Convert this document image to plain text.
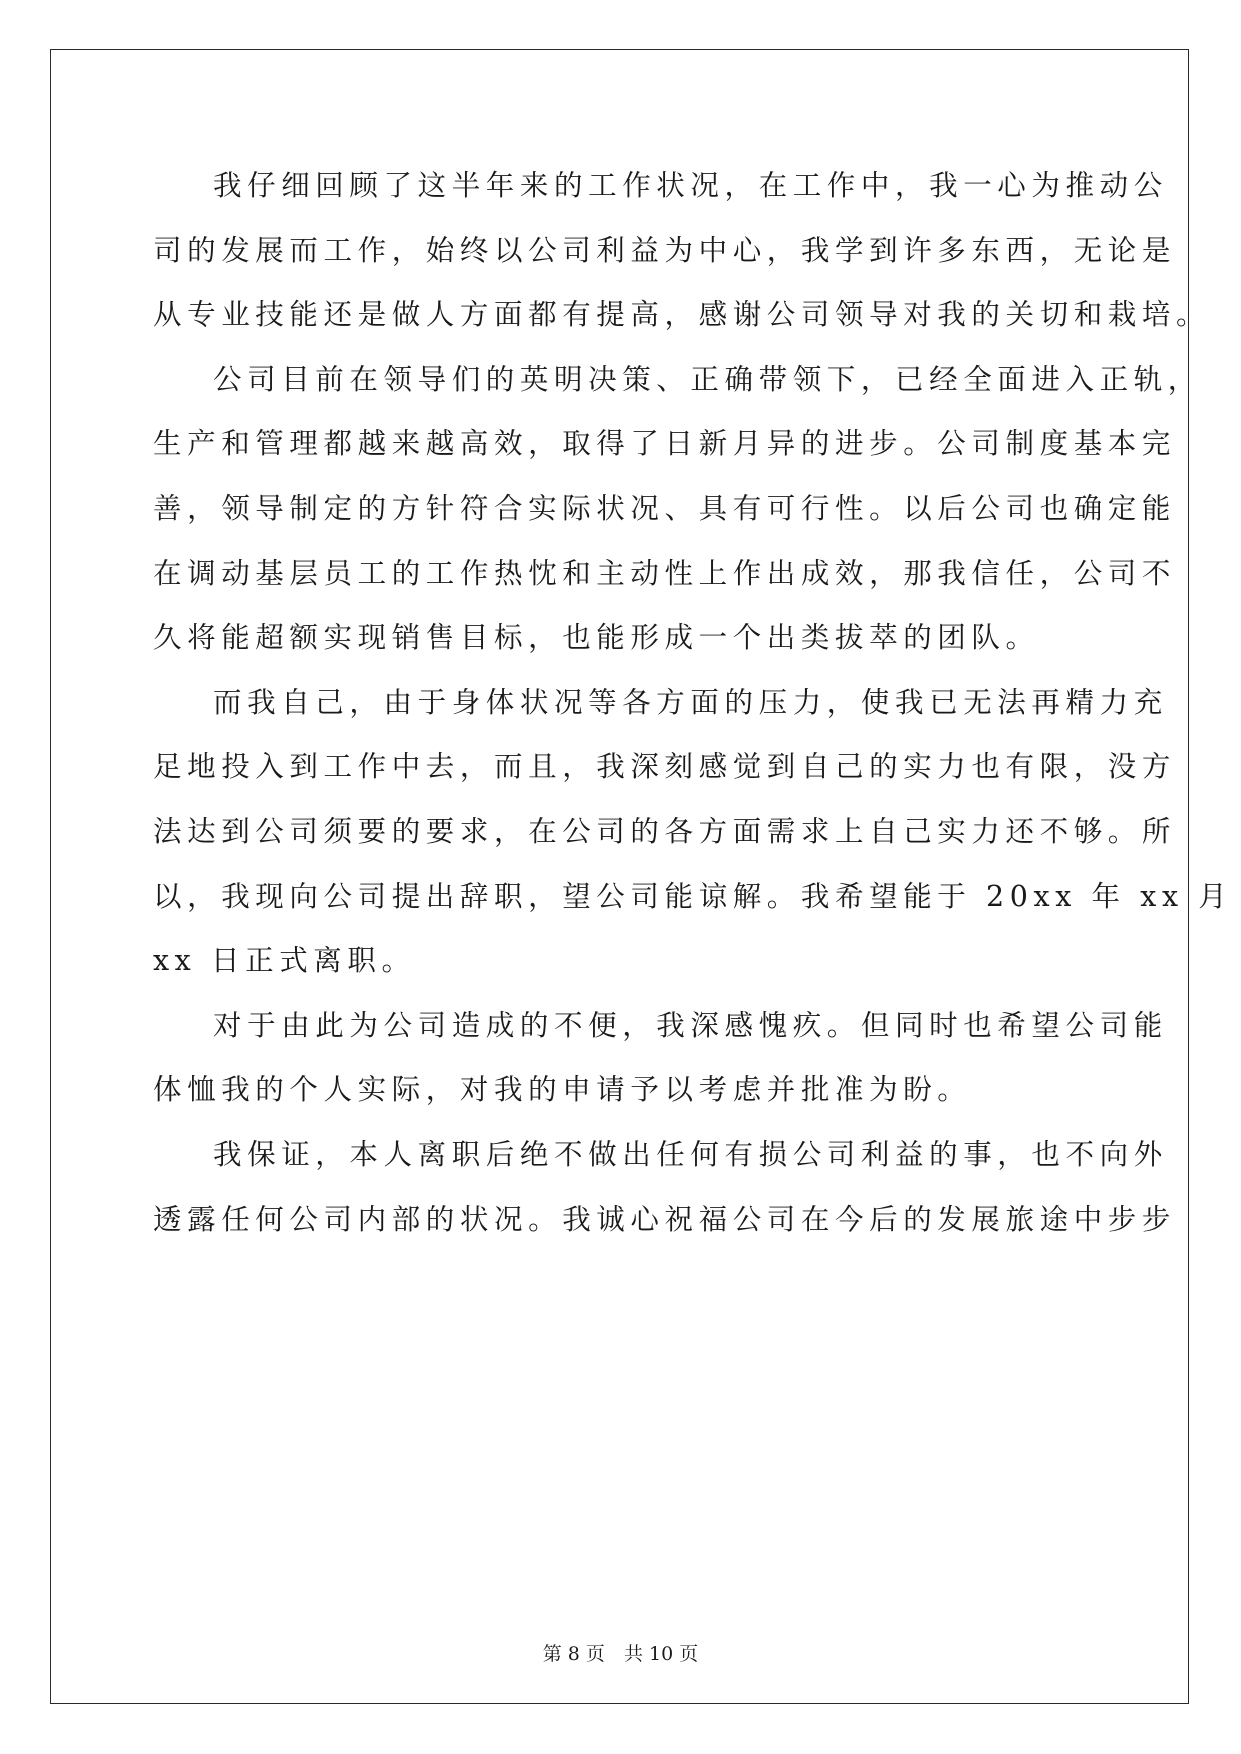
我仔细回顾了这半年来的工作状况，在工作中，我一心为推动公
司的发展而工作，始终以公司利益为中心，我学到许多东西，无论是
从专业技能还是做人方面都有提高，感谢公司领导对我的关切和栽培。
公司目前在领导们的英明决策、正确带领下，已经全面进入正轨，
生产和管理都越来越高效，取得了日新月异的进步。公司制度基本完
善，领导制定的方针符合实际状况、具有可行性。以后公司也确定能
在调动基层员工的工作热忱和主动性上作出成效，那我信任，公司不
久将能超额实现销售目标，也能形成一个出类拔萃的团队。
而我自己，由于身体状况等各方面的压力，使我已无法再精力充
足地投入到工作中去，而且，我深刻感觉到自己的实力也有限，没方
法达到公司须要的要求，在公司的各方面需求上自己实力还不够。所
以，我现向公司提出辞职，望公司能谅解。我希望能于 20xx 年 xx 月
xx 日正式离职。
对于由此为公司造成的不便，我深感愧疚。但同时也希望公司能
体恤我的个人实际，对我的申请予以考虑并批准为盼。
我保证，本人离职后绝不做出任何有损公司利益的事，也不向外
透露任何公司内部的状况。我诚心祝福公司在今后的发展旅途中步步
第 8 页　 共 10 页
